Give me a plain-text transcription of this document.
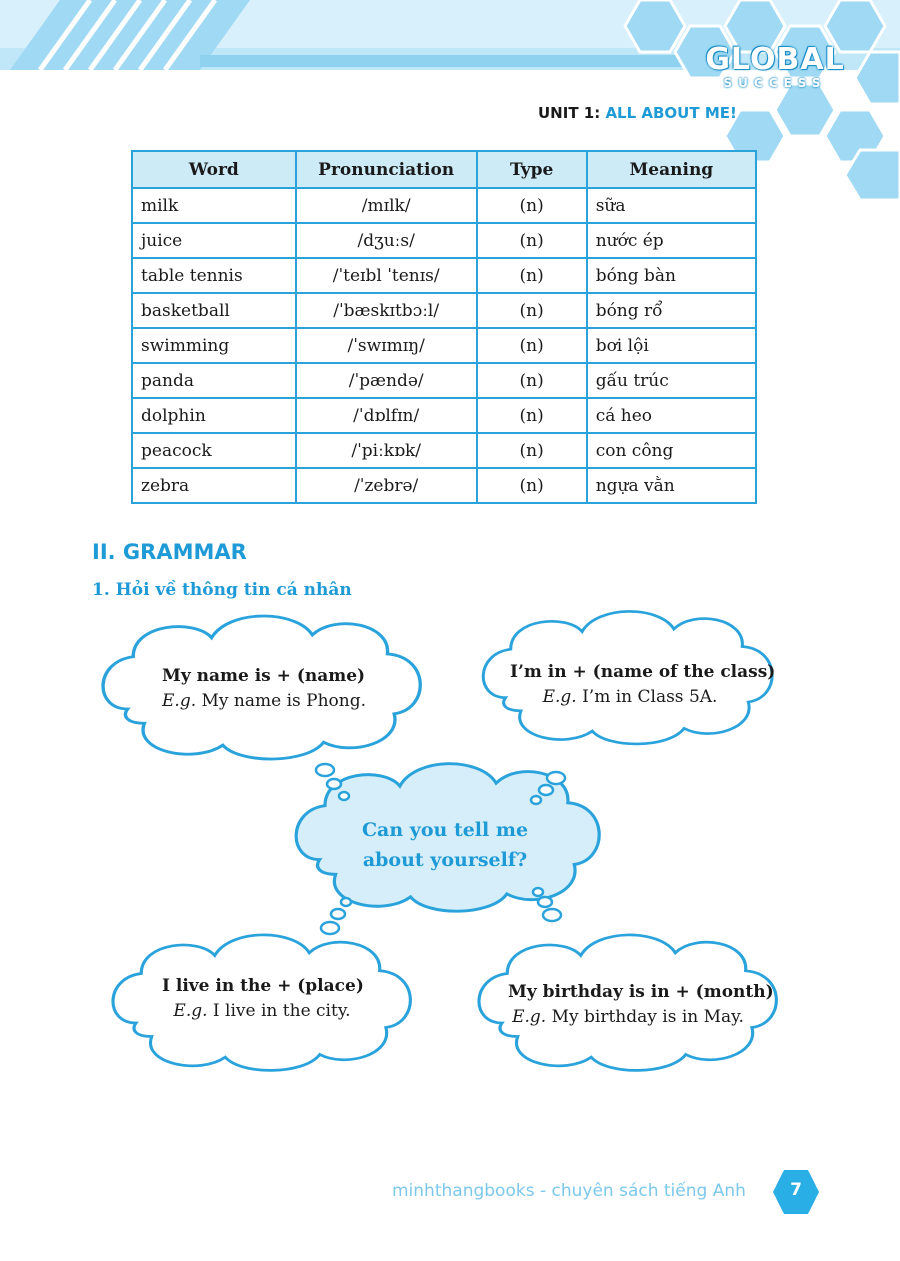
GLOBAL
SUCCESS
UNIT 1: ALL ABOUT ME!
Word	Pronunciation	Type	Meaning
milk	/mɪlk/	(n)	sữa
juice	/dʒuːs/	(n)	nước ép
table tennis	/ˈteɪbl ˈtenɪs/	(n)	bóng bàn
basketball	/ˈbæskɪtbɔːl/	(n)	bóng rổ
swimming	/ˈswɪmɪŋ/	(n)	bơi lội
panda	/ˈpændə/	(n)	gấu trúc
dolphin	/ˈdɒlfɪn/	(n)	cá heo
peacock	/ˈpiːkɒk/	(n)	con công
zebra	/ˈzebrə/	(n)	ngựa vằn
II. GRAMMAR
1. Hỏi về thông tin cá nhân
My name is + (name)
E.g. My name is Phong.
I’m in + (name of the class)
E.g. I’m in Class 5A.
Can you tell me
about yourself?
I live in the + (place)
E.g. I live in the city.
My birthday is in + (month)
E.g. My birthday is in May.
minhthangbooks - chuyên sách tiếng Anh	7
